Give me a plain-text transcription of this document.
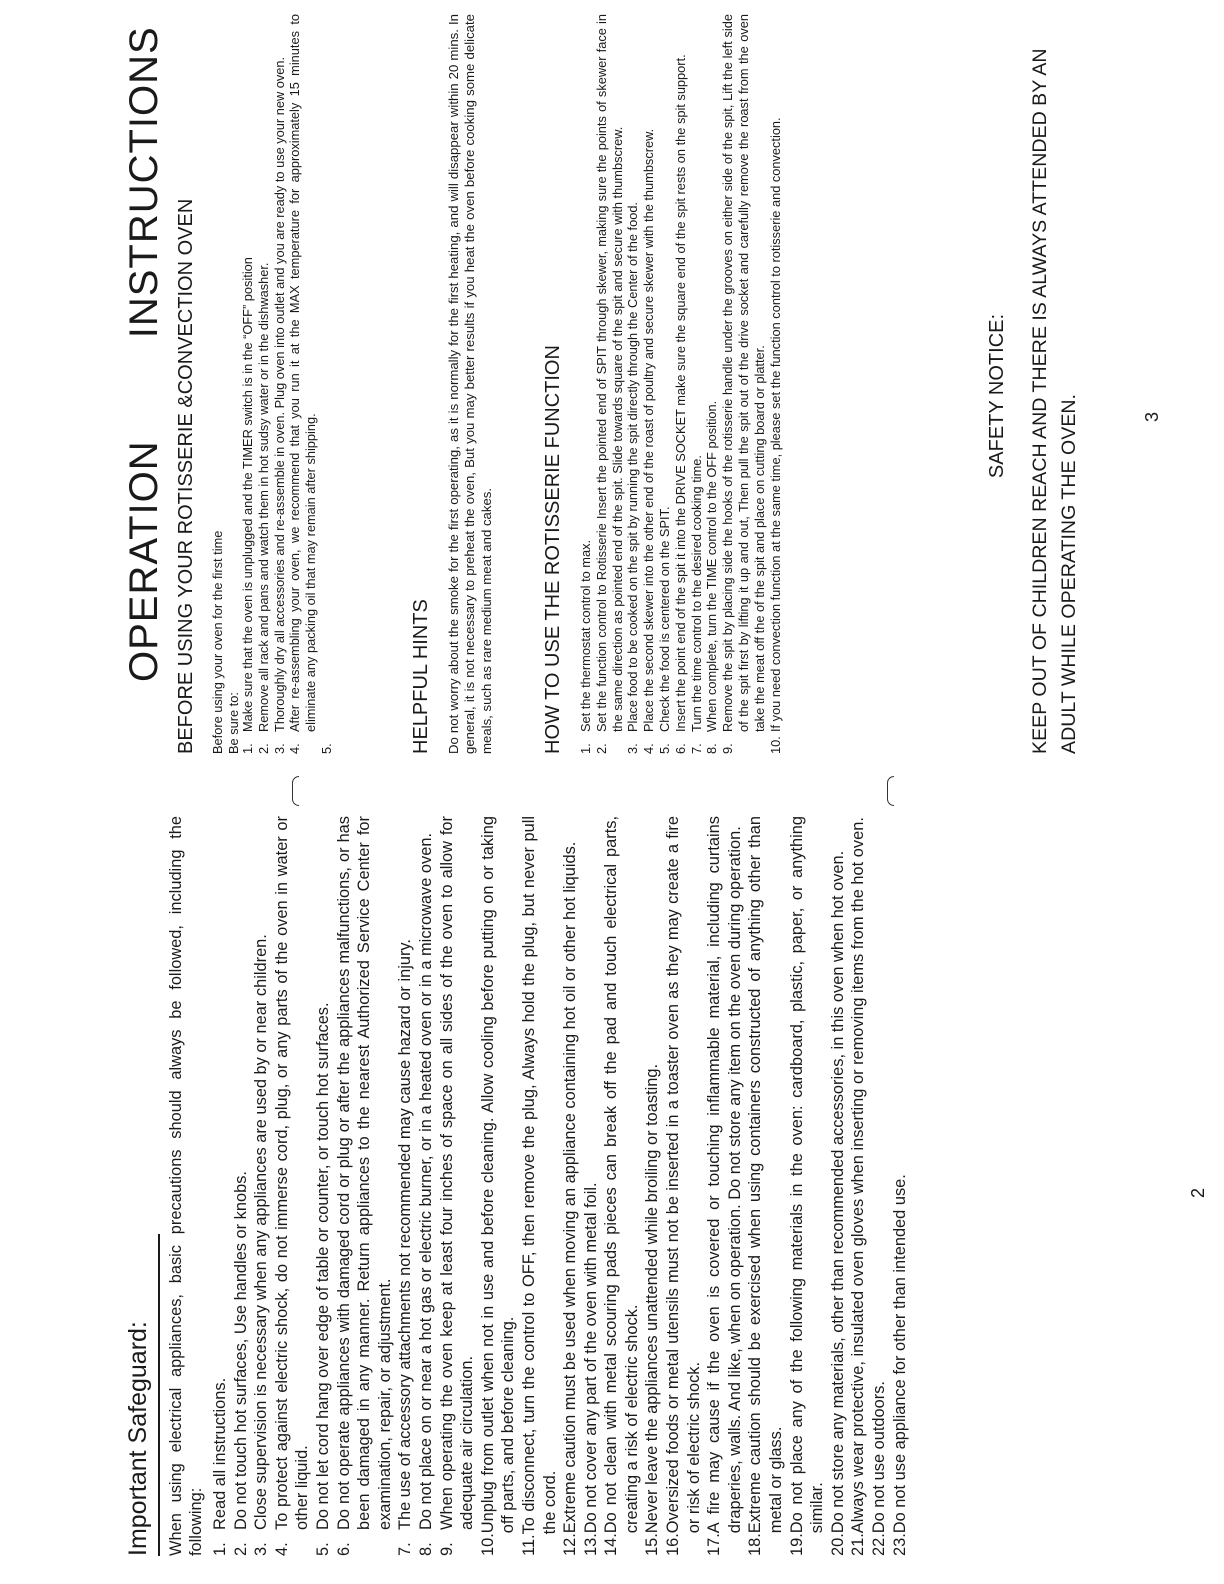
Important Safeguard: When using electrical appliances, basic precautions should always be followed, including the following: 1.
Read all instructions.
2.
Do not touch hot surfaces, Use handles or knobs.
3.
Close supervision is necessary when any appliances are used by or near children.
4.
To protect against electric shock, do not immerse cord, plug, or any parts of the oven in water or other liquid.
5.
Do not let cord hang over edge of table or counter, or touch hot surfaces.
6.
Do not operate appliances with damaged cord or plug or after the appliances malfunctions, or has been damaged in any manner. Return appliances to the nearest Authorized Service Center for examination, repair, or adjustment.
7.
The use of accessory attachments not recommended may cause hazard or injury.
8.
Do not place on or near a hot gas or electric burner, or in a heated oven or in a microwave oven.
9.
When operating the oven keep at least four inches of space on all sides of the oven to allow for adequate air circulation.
10.
Unplug from outlet when not in use and before cleaning. Allow cooling before putting on or taking off parts, and before cleaning.
11.
To disconnect, turn the control to OFF, then remove the plug, Always hold the plug, but never pull the cord.
12.
Extreme caution must be used when moving an appliance containing hot oil or other hot liquids.
13.
Do not cover any part of the oven with metal foil.
14.
Do not clean with metal scouring pads pieces can break off the pad and touch electrical parts, creating a risk of electric shock.
15.
Never leave the appliances unattended while broiling or toasting.
16.
Oversized foods or metal utensils must not be inserted in a toaster oven as they may create a fire or risk of electric shock.
17.
A fire may cause if the oven is covered or touching inflammable material, including curtains draperies, walls. And like, when on operation. Do not store any item on the oven during operation.
18.
Extreme caution should be exercised when using containers constructed of anything other than metal or glass.
19.
Do not place any of the following materials in the oven: cardboard, plastic, paper, or anything similar.
20.
Do not store any materials, other than recommended accessories, in this oven when hot oven.
21.
Always wear protective, insulated oven gloves when inserting or removing items from the hot oven.
22.
Do not use outdoors.
23.
Do not use appliance for other than intended use.	2

OPERATION INSTRUCTIONS BEFORE USING YOUR ROTISSERIE &CONVECTION OVEN Before using your oven for the first time
Be sure to: 1.
Make sure that the oven is unplugged and the TIMER switch is in the “OFF” position
2.
Remove all rack and pans and watch them in hot sudsy water or in the dishwasher.
3.
Thoroughly dry all accessories and re-assemble in oven. Plug oven into outlet and you are ready to use your new oven.
4.
After re-assembling your oven, we recommend that you run it at the MAX temperature for approximately 15 minutes to eliminate any packing oil that may remain after shipping.
5.	HELPFUL HINTS Do not worry about the smoke for the first operating, as it is normally for the first heating, and will disappear within 20 mins. In general, it is not necessary to preheat the oven, But you may better results if you heat the oven before cooking some delicate meals, such as rare medium meat and cakes. HOW TO USE THE ROTISSERIE FUNCTION 1.
Set the thermostat control to max.
2.
Set the function control to Rotisserie Insert the pointed end of SPIT through skewer, making sure the points of skewer face in the same direction as pointed end of the spit. Slide towards square of the spit and secure with thumbscrew.
3.
Place food to be cooked on the spit by running the spit directly through the Center of the food.
4.
Place the second skewer into the other end of the roast of poultry and secure skewer with the thumbscrew.
5.
Check the food is centered on the SPIT.
6.
Insert the point end of the spit it into the DRIVE SOCKET make sure the square end of the spit rests on the spit support.
7.
Turn the time control to the desired cooking time.
8.
When complete, turn the TIME control to the OFF position.
9.
Remove the spit by placing side the hooks of the rotisserie handle under the grooves on either side of the spit, Lift the left side of the spit first by lifting it up and out, Then pull the spit out of the drive socket and carefully remove the roast from the oven take the meat off the of the spit and place on cutting board or platter.
10.
If you need convection function at the same time, please set the function control to rotisserie and convection.	SAFETY NOTICE: KEEP OUT OF CHILDREN REACH AND THERE IS ALWAYS ATTENDED BY AN ADULT WHILE OPERATING THE OVEN.	3
